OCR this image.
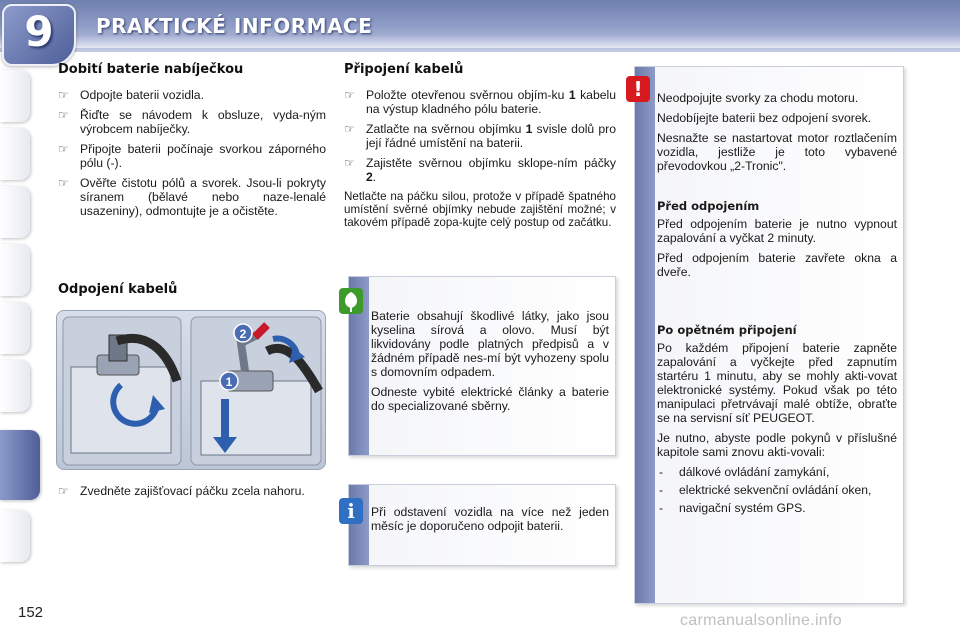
9	PRAKTICKÉ INFORMACE
Dobití baterie nabíječkou
☞ Odpojte baterii vozidla.
☞ Řiďte se návodem k obsluze, vyda-ným výrobcem nabíječky.
☞ Připojte baterii počínaje svorkou záporného pólu (-).
☞ Ověřte čistotu pólů a svorek. Jsou-li pokryty síranem (bělavé nebo naze-lenalé usazeniny), odmontujte je a očistěte.
Odpojení kabelů
1
2
☞ Zvedněte zajišťovací páčku zcela nahoru.
Připojení kabelů
☞ Položte otevřenou svěrnou objím-ku 1 kabelu na výstup kladného pólu baterie.
☞ Zatlačte na svěrnou objímku 1 svisle dolů pro její řádné umístění na baterii.
☞ Zajistěte svěrnou objímku sklope-ním páčky 2.
Netlačte na páčku silou, protože v případě špatného umístění svěrné objímky nebude zajištění možné; v takovém případě zopa-kujte celý postup od začátku.

Baterie obsahují škodlivé látky, jako jsou kyselina sírová a olovo. Musí být likvidovány podle platných předpisů a v žádném případě nes-mí být vyhozeny spolu s domovním odpadem.

Odneste vybité elektrické články a baterie do specializované sběrny.

Při odstavení vozidla na více než jeden měsíc je doporučeno odpojit baterii.
i

Neodpojujte svorky za chodu motoru.

Nedobíjejte baterii bez odpojení svorek.

Nesnažte se nastartovat motor roztlačením vozidla, jestliže je toto vybavené převodovkou „2-Tronic".

Před odpojením

Před odpojením baterie je nutno vypnout zapalování a vyčkat 2 minuty.

Před odpojením baterie zavřete okna a dveře.

Po opětném připojení

Po každém připojení baterie zapněte zapalování a vyčkejte před zapnutím startéru 1 minutu, aby se mohly akti-vovat elektronické systémy. Pokud však po této manipulaci přetrvávají malé obtíže, obraťte se na servisní síť PEUGEOT.

Je nutno, abyste podle pokynů v příslušné kapitole sami znovu akti-vovali:

- dálkové ovládání zamykání,
- elektrické sekvenční ovládání oken,
- navigační systém GPS.
!
152	carmanualsonline.info
